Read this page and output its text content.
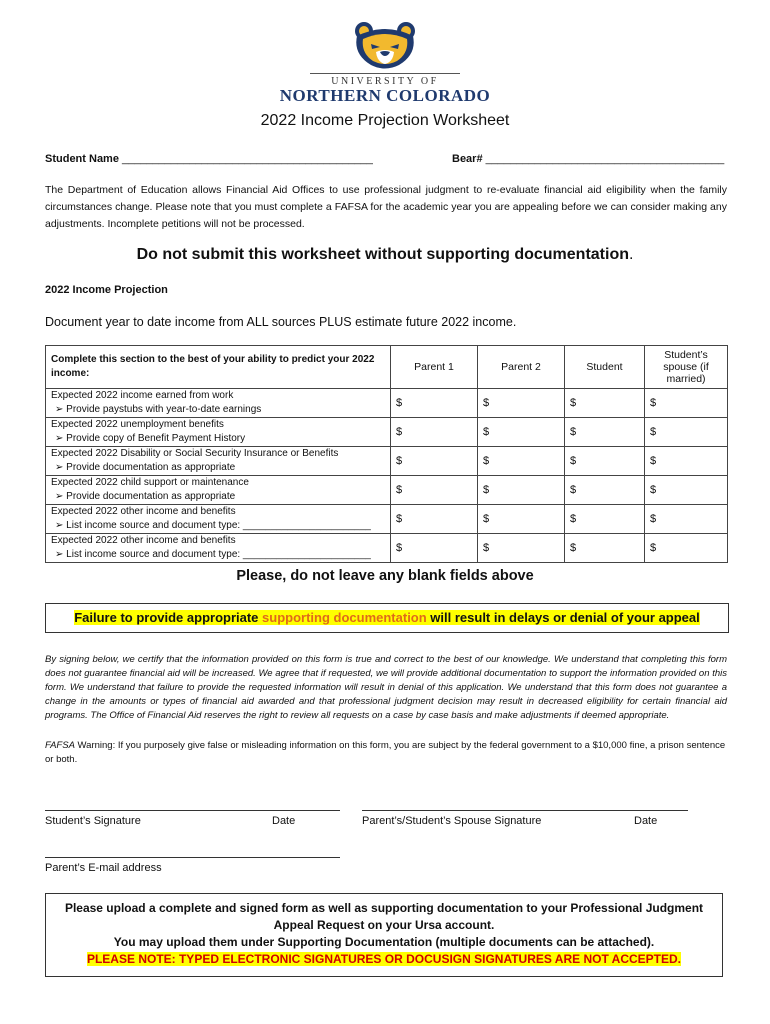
UNIVERSITY OF
NORTHERN COLORADO
2022 Income Projection Worksheet
Student Name _________________________________________	Bear# _______________________________________
The Department of Education allows Financial Aid Offices to use professional judgment to re-evaluate financial aid eligibility when the family circumstances change. Please note that you must complete a FAFSA for the academic year you are appealing before we can consider making any adjustments. Incomplete petitions will not be processed.
Do not submit this worksheet without supporting documentation.
2022 Income Projection
Document year to date income from ALL sources PLUS estimate future 2022 income.
Complete this section to the best of your ability to predict your 2022 income:	Parent 1	Parent 2	Student	Student’s spouse (if married)

Expected 2022 income earned from work
➢ Provide paystubs with year-to-date earnings	$	$	$	$

Expected 2022 unemployment benefits
➢ Provide copy of Benefit Payment History	$	$	$	$

Expected 2022 Disability or Social Security Insurance or Benefits
➢ Provide documentation as appropriate	$	$	$	$

Expected 2022 child support or maintenance
➢ Provide documentation as appropriate	$	$	$	$

Expected 2022 other income and benefits
➢ List income source and document type: _______________________	$	$	$	$

Expected 2022 other income and benefits
➢ List income source and document type: _______________________	$	$	$	$
Please, do not leave any blank fields above
Failure to provide appropriate supporting documentation will result in delays or denial of your appeal
By signing below, we certify that the information provided on this form is true and correct to the best of our knowledge. We understand that completing this form does not guarantee financial aid will be increased. We agree that if requested, we will provide additional documentation to support the information provided on this form. We understand that failure to provide the requested information will result in denial of this application. We understand that this form does not guarantee a change in the amounts or types of financial aid awarded and that professional judgment decision may result in decreased eligibility for certain financial aid programs. The Office of Financial Aid reserves the right to review all requests on a case by case basis and make adjustments if deemed appropriate.
FAFSA Warning: If you purposely give false or misleading information on this form, you are subject by the federal government to a $10,000 fine, a prison sentence or both.
Student’s Signature	Date	Parent’s/Student’s Spouse Signature	Date
Parent’s E-mail address
Please upload a complete and signed form as well as supporting documentation to your Professional Judgment
Appeal Request on your Ursa account.
You may upload them under Supporting Documentation (multiple documents can be attached).
PLEASE NOTE: TYPED ELECTRONIC SIGNATURES OR DOCUSIGN SIGNATURES ARE NOT ACCEPTED.
